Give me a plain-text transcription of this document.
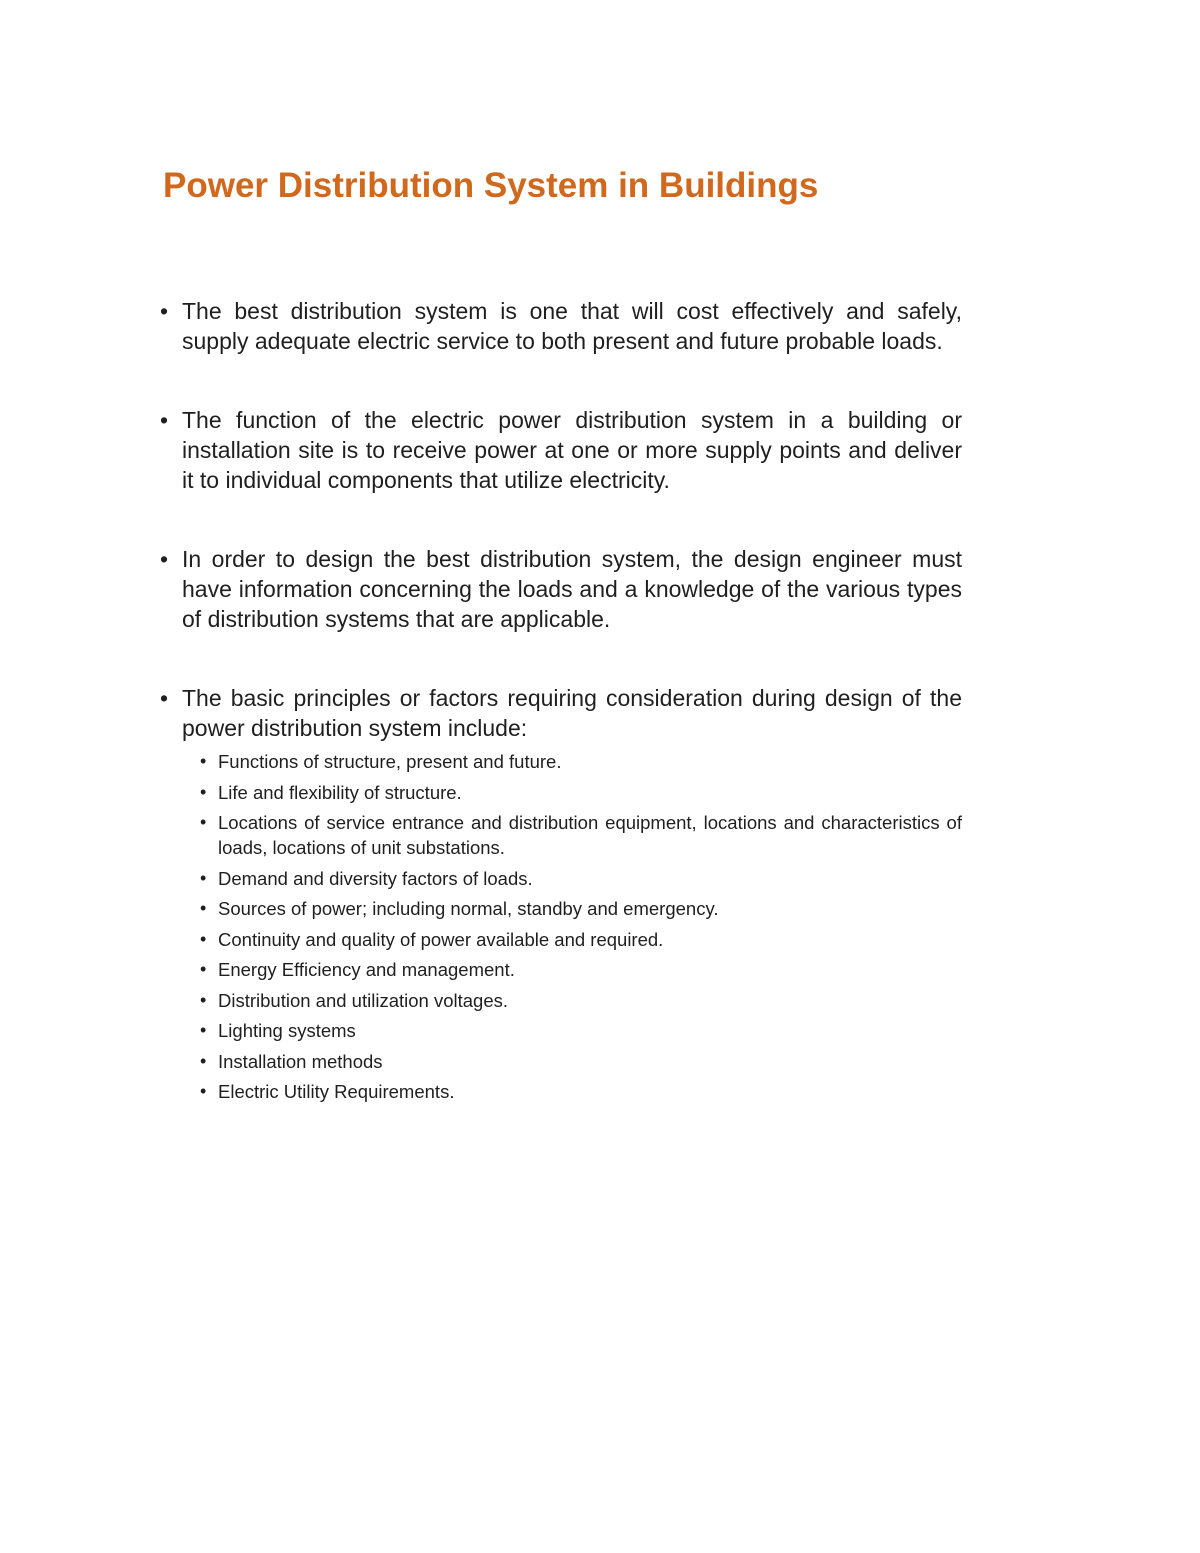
Power Distribution System in Buildings
• The best distribution system is one that will cost effectively and safely, supply adequate electric service to both present and future probable loads.
• The function of the electric power distribution system in a building or installation site is to receive power at one or more supply points and deliver it to individual components that utilize electricity.
• In order to design the best distribution system, the design engineer must have information concerning the loads and a knowledge of the various types of distribution systems that are applicable.
• The basic principles or factors requiring consideration during design of the power distribution system include:
• Functions of structure, present and future.
• Life and flexibility of structure.
• Locations of service entrance and distribution equipment, locations and characteristics of loads, locations of unit substations.
• Demand and diversity factors of loads.
• Sources of power; including normal, standby and emergency.
• Continuity and quality of power available and required.
• Energy Efficiency and management.
• Distribution and utilization voltages.
• Lighting systems
• Installation methods
• Electric Utility Requirements.
